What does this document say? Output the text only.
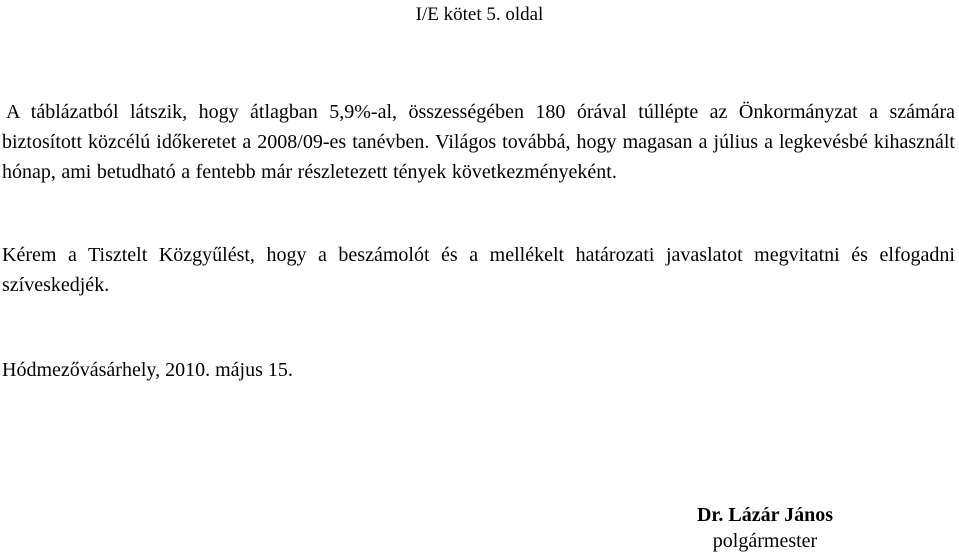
I/E kötet 5. oldal

A táblázatból látszik, hogy átlagban 5,9%-al, összességében 180 órával túllépte az Önkormányzat a számára biztosított közcélú időkeretet a 2008/09-es tanévben. Világos továbbá, hogy magasan a július a legkevésbé kihasznált hónap, ami betudható a fentebb már részletezett tények következményeként.

Kérem a Tisztelt Közgyűlést, hogy a beszámolót és a mellékelt határozati javaslatot megvitatni és elfogadni szíveskedjék.

Hódmezővásárhely, 2010. május 15.
Dr. Lázár János
polgármester
